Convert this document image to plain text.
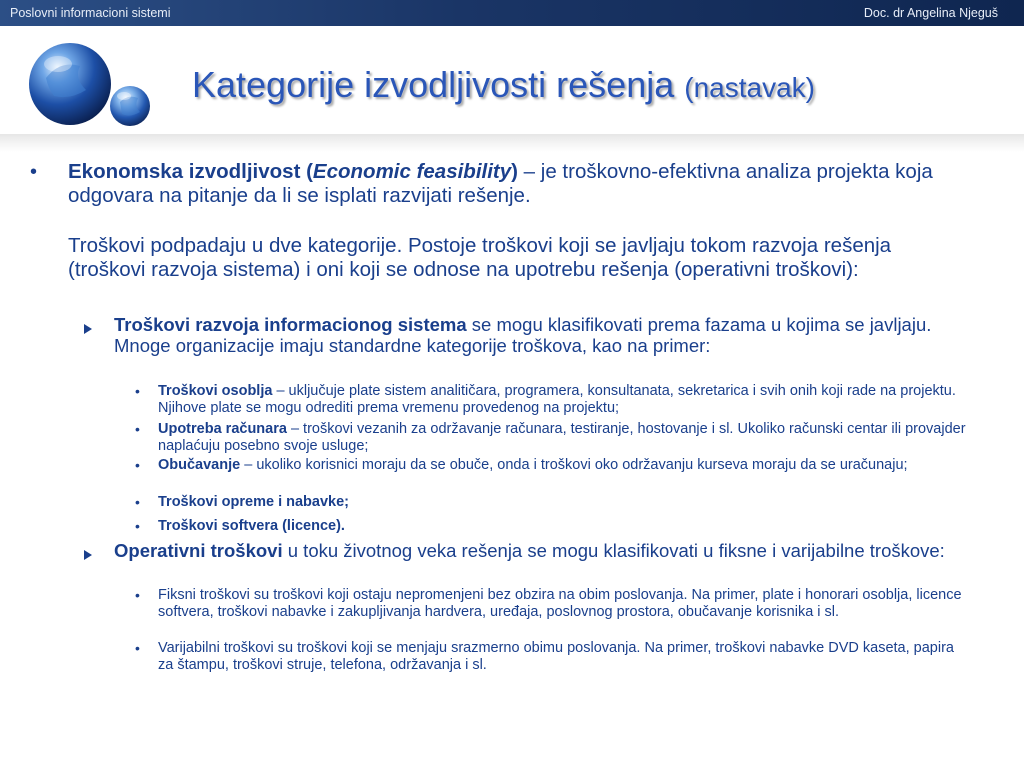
Poslovni informacioni sistemi	Doc. dr Angelina Njeguš
Kategorije izvodljivosti rešenja (nastavak)
• Ekonomska izvodljivost (Economic feasibility) – je troškovno-efektivna analiza projekta koja odgovara na pitanje da li se isplati razvijati rešenje.
Troškovi podpadaju u dve kategorije. Postoje troškovi koji se javljaju tokom razvoja rešenja (troškovi razvoja sistema) i oni koji se odnose na upotrebu rešenja (operativni troškovi):
Troškovi razvoja informacionog sistema se mogu klasifikovati prema fazama u kojima se javljaju. Mnoge organizacije imaju standardne kategorije troškova, kao na primer:
• Troškovi osoblja – uključuje plate sistem analitičara, programera, konsultanata, sekretarica i svih onih koji rade na projektu. Njihove plate se mogu odrediti prema vremenu provedenog na projektu;
• Upotreba računara – troškovi vezanih za održavanje računara, testiranje, hostovanje i sl. Ukoliko računski centar ili provajder naplaćuju posebno svoje usluge;
• Obučavanje – ukoliko korisnici moraju da se obuče, onda i troškovi oko održavanju kurseva moraju da se uračunaju;
• Troškovi opreme i nabavke;
• Troškovi softvera (licence).
Operativni troškovi u toku životnog veka rešenja se mogu klasifikovati u fiksne i varijabilne troškove:
• Fiksni troškovi su troškovi koji ostaju nepromenjeni bez obzira na obim poslovanja. Na primer, plate i honorari osoblja, licence softvera, troškovi nabavke i zakupljivanja hardvera, uređaja, poslovnog prostora, obučavanje korisnika i sl.
• Varijabilni troškovi su troškovi koji se menjaju srazmerno obimu poslovanja. Na primer, troškovi nabavke DVD kaseta, papira za štampu, troškovi struje, telefona, održavanja i sl.
